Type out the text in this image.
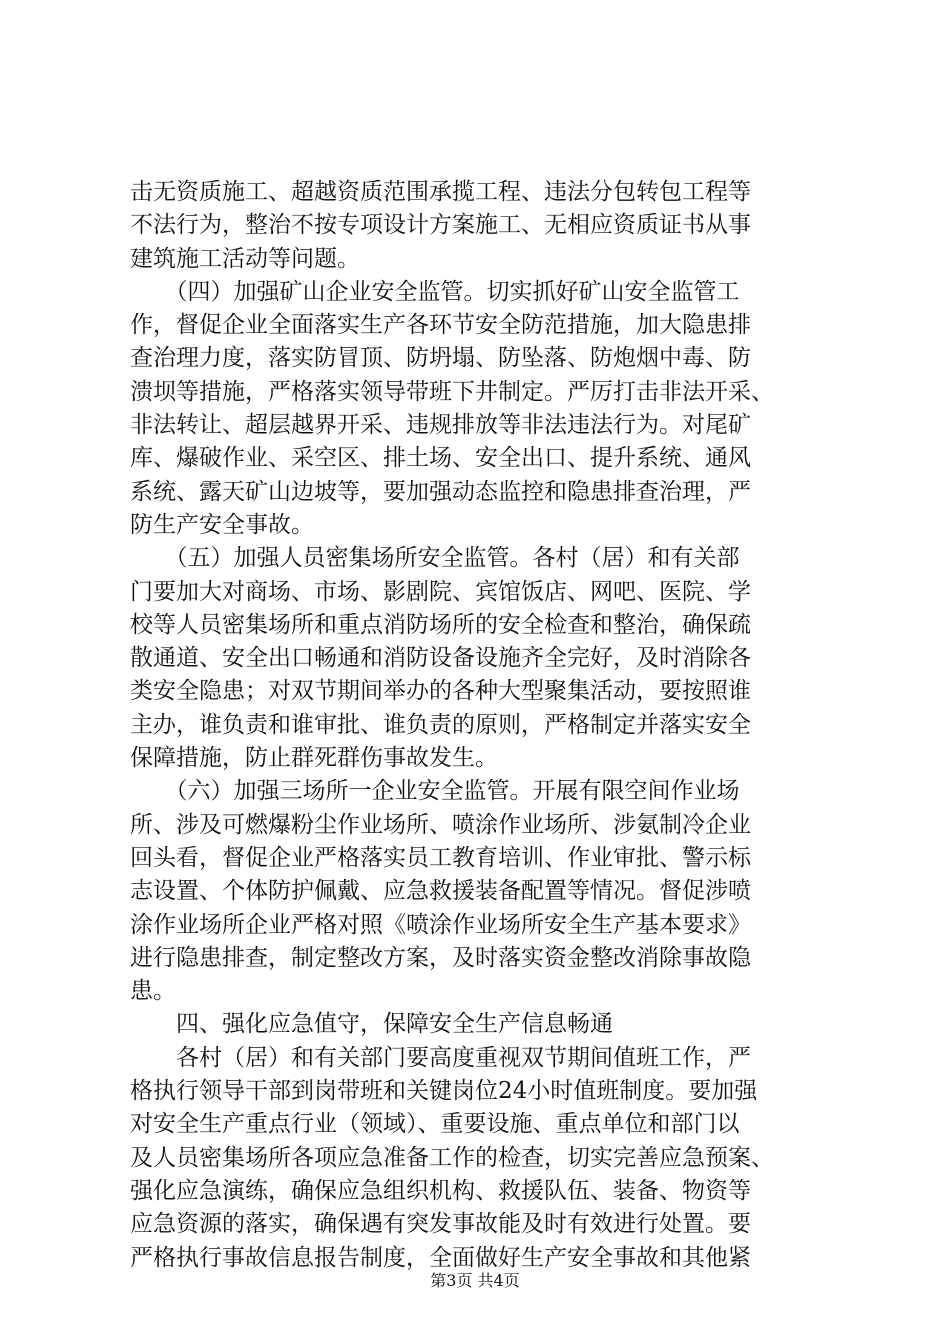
击无资质施工、超越资质范围承揽工程、违法分包转包工程等
不法行为，整治不按专项设计方案施工、无相应资质证书从事
建筑施工活动等问题。
　　（四）加强矿山企业安全监管。切实抓好矿山安全监管工
作，督促企业全面落实生产各环节安全防范措施，加大隐患排
查治理力度，落实防冒顶、防坍塌、防坠落、防炮烟中毒、防
溃坝等措施，严格落实领导带班下井制定。严厉打击非法开采、
非法转让、超层越界开采、违规排放等非法违法行为。对尾矿
库、爆破作业、采空区、排土场、安全出口、提升系统、通风
系统、露天矿山边坡等，要加强动态监控和隐患排查治理，严
防生产安全事故。
　　（五）加强人员密集场所安全监管。各村（居）和有关部
门要加大对商场、市场、影剧院、宾馆饭店、网吧、医院、学
校等人员密集场所和重点消防场所的安全检查和整治，确保疏
散通道、安全出口畅通和消防设备设施齐全完好，及时消除各
类安全隐患；对双节期间举办的各种大型聚集活动，要按照谁
主办，谁负责和谁审批、谁负责的原则，严格制定并落实安全
保障措施，防止群死群伤事故发生。
　　（六）加强三场所一企业安全监管。开展有限空间作业场
所、涉及可燃爆粉尘作业场所、喷涂作业场所、涉氨制冷企业
回头看，督促企业严格落实员工教育培训、作业审批、警示标
志设置、个体防护佩戴、应急救援装备配置等情况。督促涉喷
涂作业场所企业严格对照《喷涂作业场所安全生产基本要求》
进行隐患排查，制定整改方案，及时落实资金整改消除事故隐
患。
　　四、强化应急值守，保障安全生产信息畅通
　　各村（居）和有关部门要高度重视双节期间值班工作，严
格执行领导干部到岗带班和关键岗位24小时值班制度。要加强
对安全生产重点行业（领域）、重要设施、重点单位和部门以
及人员密集场所各项应急准备工作的检查，切实完善应急预案、
强化应急演练，确保应急组织机构、救援队伍、装备、物资等
应急资源的落实，确保遇有突发事故能及时有效进行处置。要
严格执行事故信息报告制度，全面做好生产安全事故和其他紧
第3页 共4页
